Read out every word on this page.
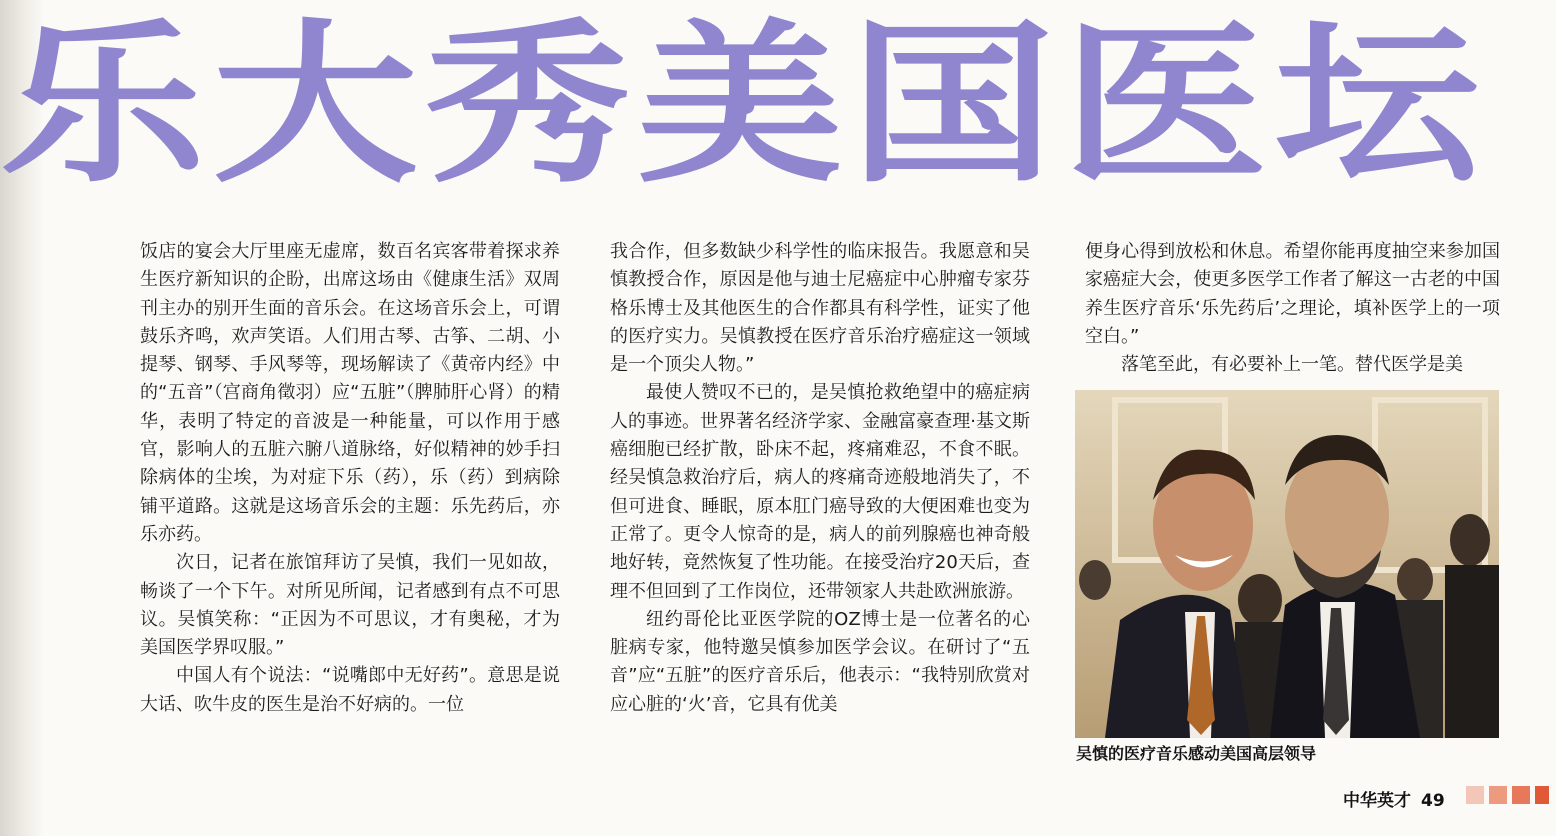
乐大秀美国医坛

饭店的宴会大厅里座无虚席，数百名宾客带着探求养生医疗新知识的企盼，出席这场由《健康生活》双周刊主办的别开生面的音乐会。在这场音乐会上，可谓鼓乐齐鸣，欢声笑语。人们用古琴、古筝、二胡、小提琴、钢琴、手风琴等，现场解读了《黄帝内经》中的“五音”（宫商角徵羽）应“五脏”（脾肺肝心肾）的精华，表明了特定的音波是一种能量，可以作用于感官，影响人的五脏六腑八道脉络，好似精神的妙手扫除病体的尘埃，为对症下乐（药），乐（药）到病除铺平道路。这就是这场音乐会的主题：乐先药后，亦乐亦药。

次日，记者在旅馆拜访了吴慎，我们一见如故，畅谈了一个下午。对所见所闻，记者感到有点不可思议。吴慎笑称：“正因为不可思议，才有奥秘，才为美国医学界叹服。”

中国人有个说法：“说嘴郎中无好药”。意思是说大话、吹牛皮的医生是治不好病的。一位

我合作，但多数缺少科学性的临床报告。我愿意和吴慎教授合作，原因是他与迪士尼癌症中心肿瘤专家芬格乐博士及其他医生的合作都具有科学性，证实了他的医疗实力。吴慎教授在医疗音乐治疗癌症这一领域是一个顶尖人物。”

最使人赞叹不已的，是吴慎抢救绝望中的癌症病人的事迹。世界著名经济学家、金融富豪查理·基文斯癌细胞已经扩散，卧床不起，疼痛难忍，不食不眠。经吴慎急救治疗后，病人的疼痛奇迹般地消失了，不但可进食、睡眠，原本肛门癌导致的大便困难也变为正常了。更令人惊奇的是，病人的前列腺癌也神奇般地好转，竟然恢复了性功能。在接受治疗20天后，查理不但回到了工作岗位，还带领家人共赴欧洲旅游。

纽约哥伦比亚医学院的OZ博士是一位著名的心脏病专家，他特邀吴慎参加医学会议。在研讨了“五音”应“五脏”的医疗音乐后，他表示：“我特别欣赏对应心脏的‘火’音，它具有优美

便身心得到放松和休息。希望你能再度抽空来参加国家癌症大会，使更多医学工作者了解这一古老的中国养生医疗音乐‘乐先药后’之理论，填补医学上的一项空白。”

落笔至此，有必要补上一笔。替代医学是美

吴慎的医疗音乐感动美国高层领导
中华英才 49
